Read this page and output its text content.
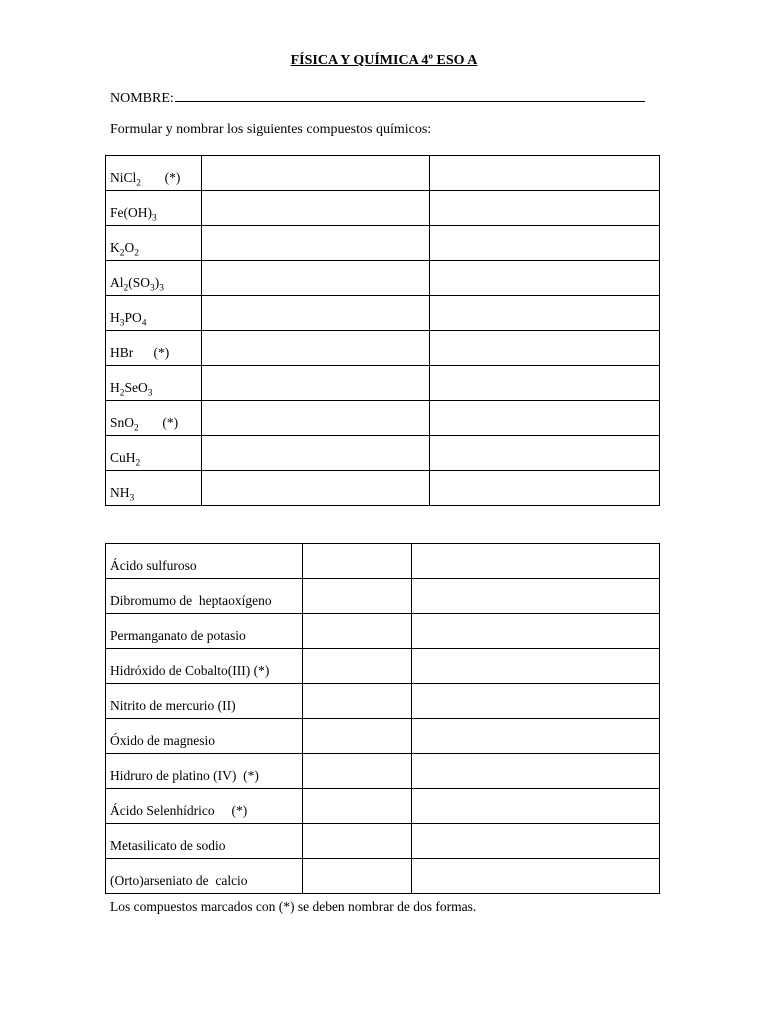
FÍSICA Y QUÍMICA 4º ESO A
NOMBRE:
Formular y nombrar los siguientes compuestos químicos:
NiCl$_2$       (*)		
$Fe(OH)_3$		
$K_2O_2$		
$Al_2(SO_3)_3$		
$H_3PO_4$		
HBr      (*)		
$H_2SeO_3$		
SnO$_2$       (*)		
CuH$_2$		
$NH_3$		
Ácido sulfuroso		
Dibromumo de  heptaoxígeno		
Permanganato de potasio		
Hidróxido de Cobalto(III) (*)		
Nitrito de mercurio (II)		
Óxido de magnesio		
Hidruro de platino (IV)  (*)		
Ácido Selenhídrico     (*)		
Metasilicato de sodio		
(Orto)arseniato de  calcio		
Los compuestos marcados con (*) se deben nombrar de dos formas.
